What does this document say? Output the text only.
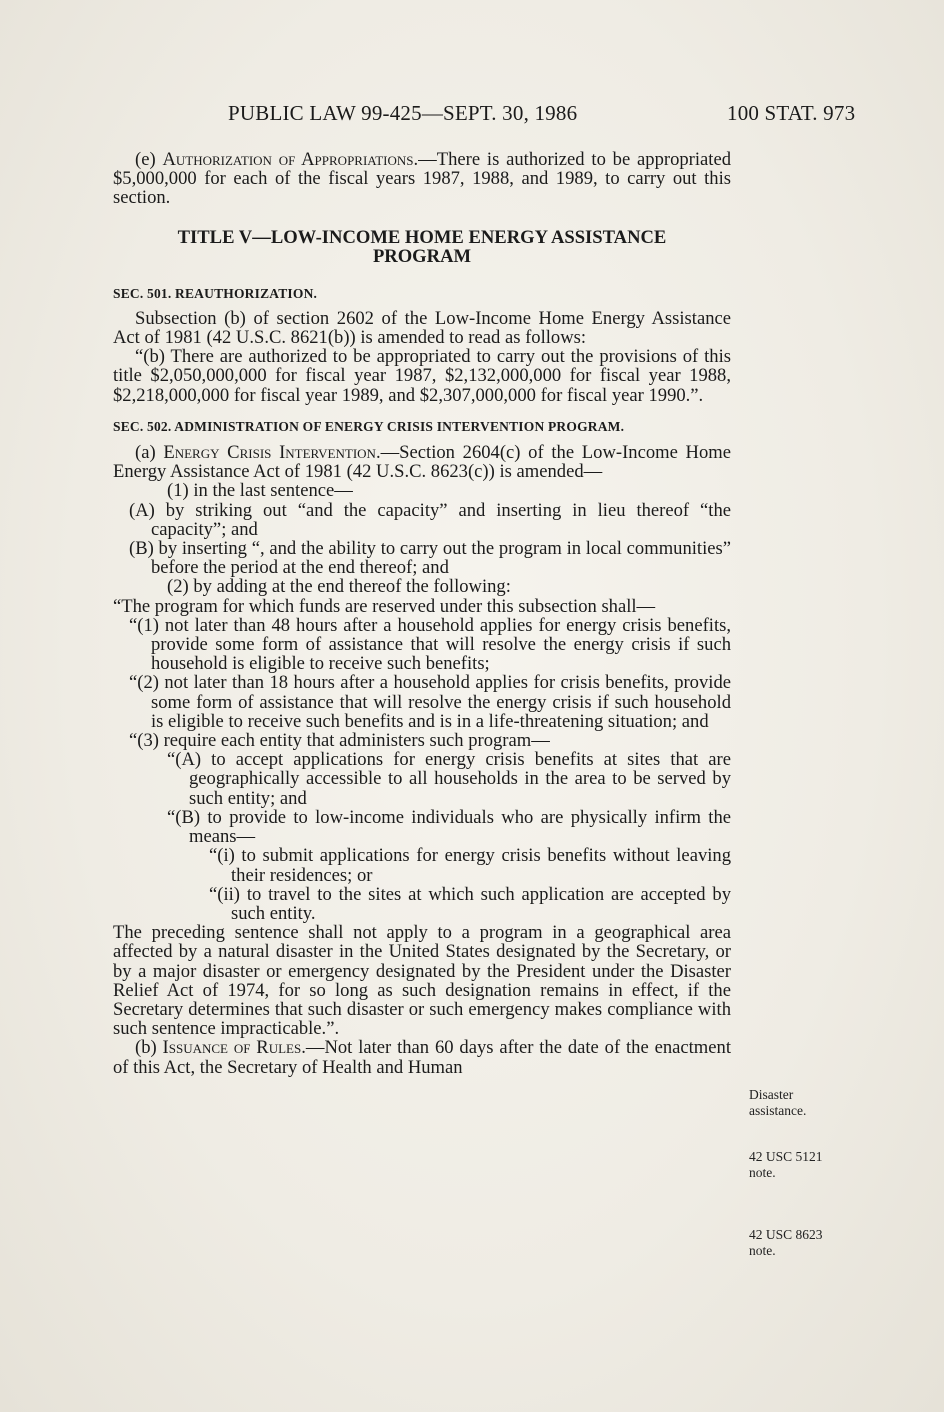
PUBLIC LAW 99-425—SEPT. 30, 1986	100 STAT. 973

(e) Authorization of Appropriations.—There is authorized to be appropriated $5,000,000 for each of the fiscal years 1987, 1988, and 1989, to carry out this section.

TITLE V—LOW-INCOME HOME ENERGY ASSISTANCE PROGRAM

SEC. 501. REAUTHORIZATION.

Subsection (b) of section 2602 of the Low-Income Home Energy Assistance Act of 1981 (42 U.S.C. 8621(b)) is amended to read as follows:

“(b) There are authorized to be appropriated to carry out the provisions of this title $2,050,000,000 for fiscal year 1987, $2,132,000,000 for fiscal year 1988, $2,218,000,000 for fiscal year 1989, and $2,307,000,000 for fiscal year 1990.”.

SEC. 502. ADMINISTRATION OF ENERGY CRISIS INTERVENTION PROGRAM.

(a) Energy Crisis Intervention.—Section 2604(c) of the Low-Income Home Energy Assistance Act of 1981 (42 U.S.C. 8623(c)) is amended—

(1) in the last sentence—

(A) by striking out “and the capacity” and inserting in lieu thereof “the capacity”; and

(B) by inserting “, and the ability to carry out the program in local communities” before the period at the end thereof; and

(2) by adding at the end thereof the following:

“The program for which funds are reserved under this subsection shall—

“(1) not later than 48 hours after a household applies for energy crisis benefits, provide some form of assistance that will resolve the energy crisis if such household is eligible to receive such benefits;

“(2) not later than 18 hours after a household applies for crisis benefits, provide some form of assistance that will resolve the energy crisis if such household is eligible to receive such benefits and is in a life-threatening situation; and

“(3) require each entity that administers such program—

“(A) to accept applications for energy crisis benefits at sites that are geographically accessible to all households in the area to be served by such entity; and

“(B) to provide to low-income individuals who are physically infirm the means—

“(i) to submit applications for energy crisis benefits without leaving their residences; or

“(ii) to travel to the sites at which such application are accepted by such entity.

The preceding sentence shall not apply to a program in a geographical area affected by a natural disaster in the United States designated by the Secretary, or by a major disaster or emergency designated by the President under the Disaster Relief Act of 1974, for so long as such designation remains in effect, if the Secretary determines that such disaster or such emergency makes compliance with such sentence impracticable.”.

(b) Issuance of Rules.—Not later than 60 days after the date of the enactment of this Act, the Secretary of Health and Human

Disaster assistance.
42 USC 5121 note.
42 USC 8623 note.
